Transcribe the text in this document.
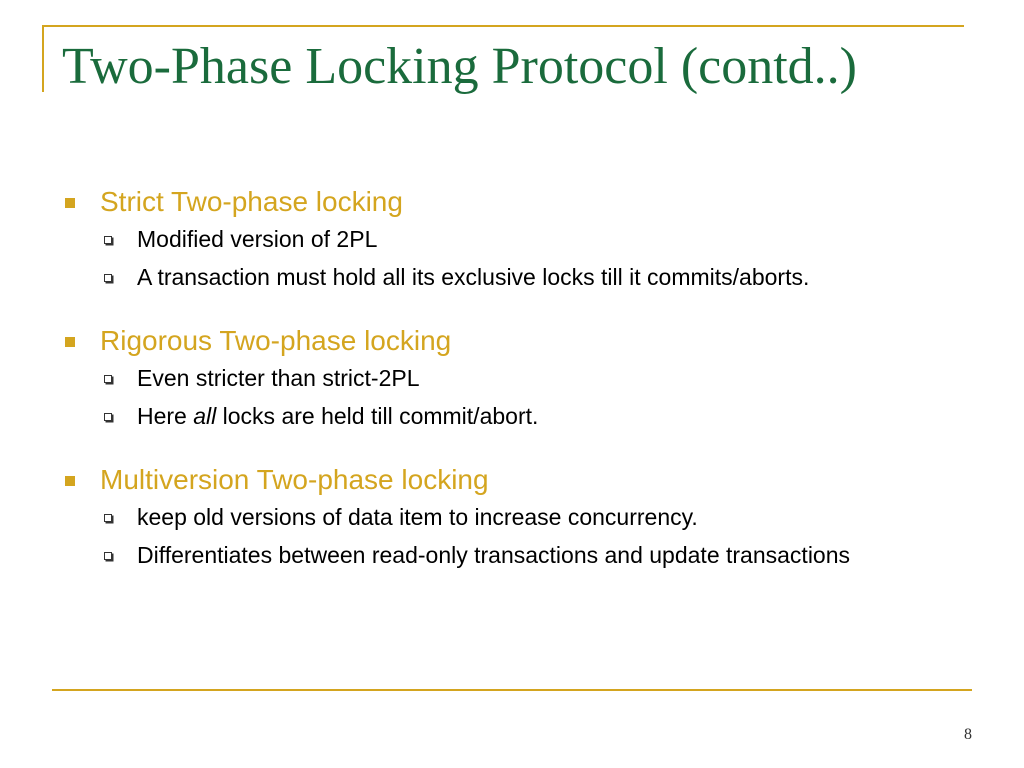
Two-Phase Locking Protocol (contd..)
Strict Two-phase locking
Modified version of 2PL
A transaction must hold all its exclusive locks till it commits/aborts.
Rigorous Two-phase locking
Even stricter than strict-2PL
Here all locks are held till commit/abort.
Multiversion Two-phase locking
keep old versions of data item to increase concurrency.
Differentiates between read-only transactions and update transactions
8
